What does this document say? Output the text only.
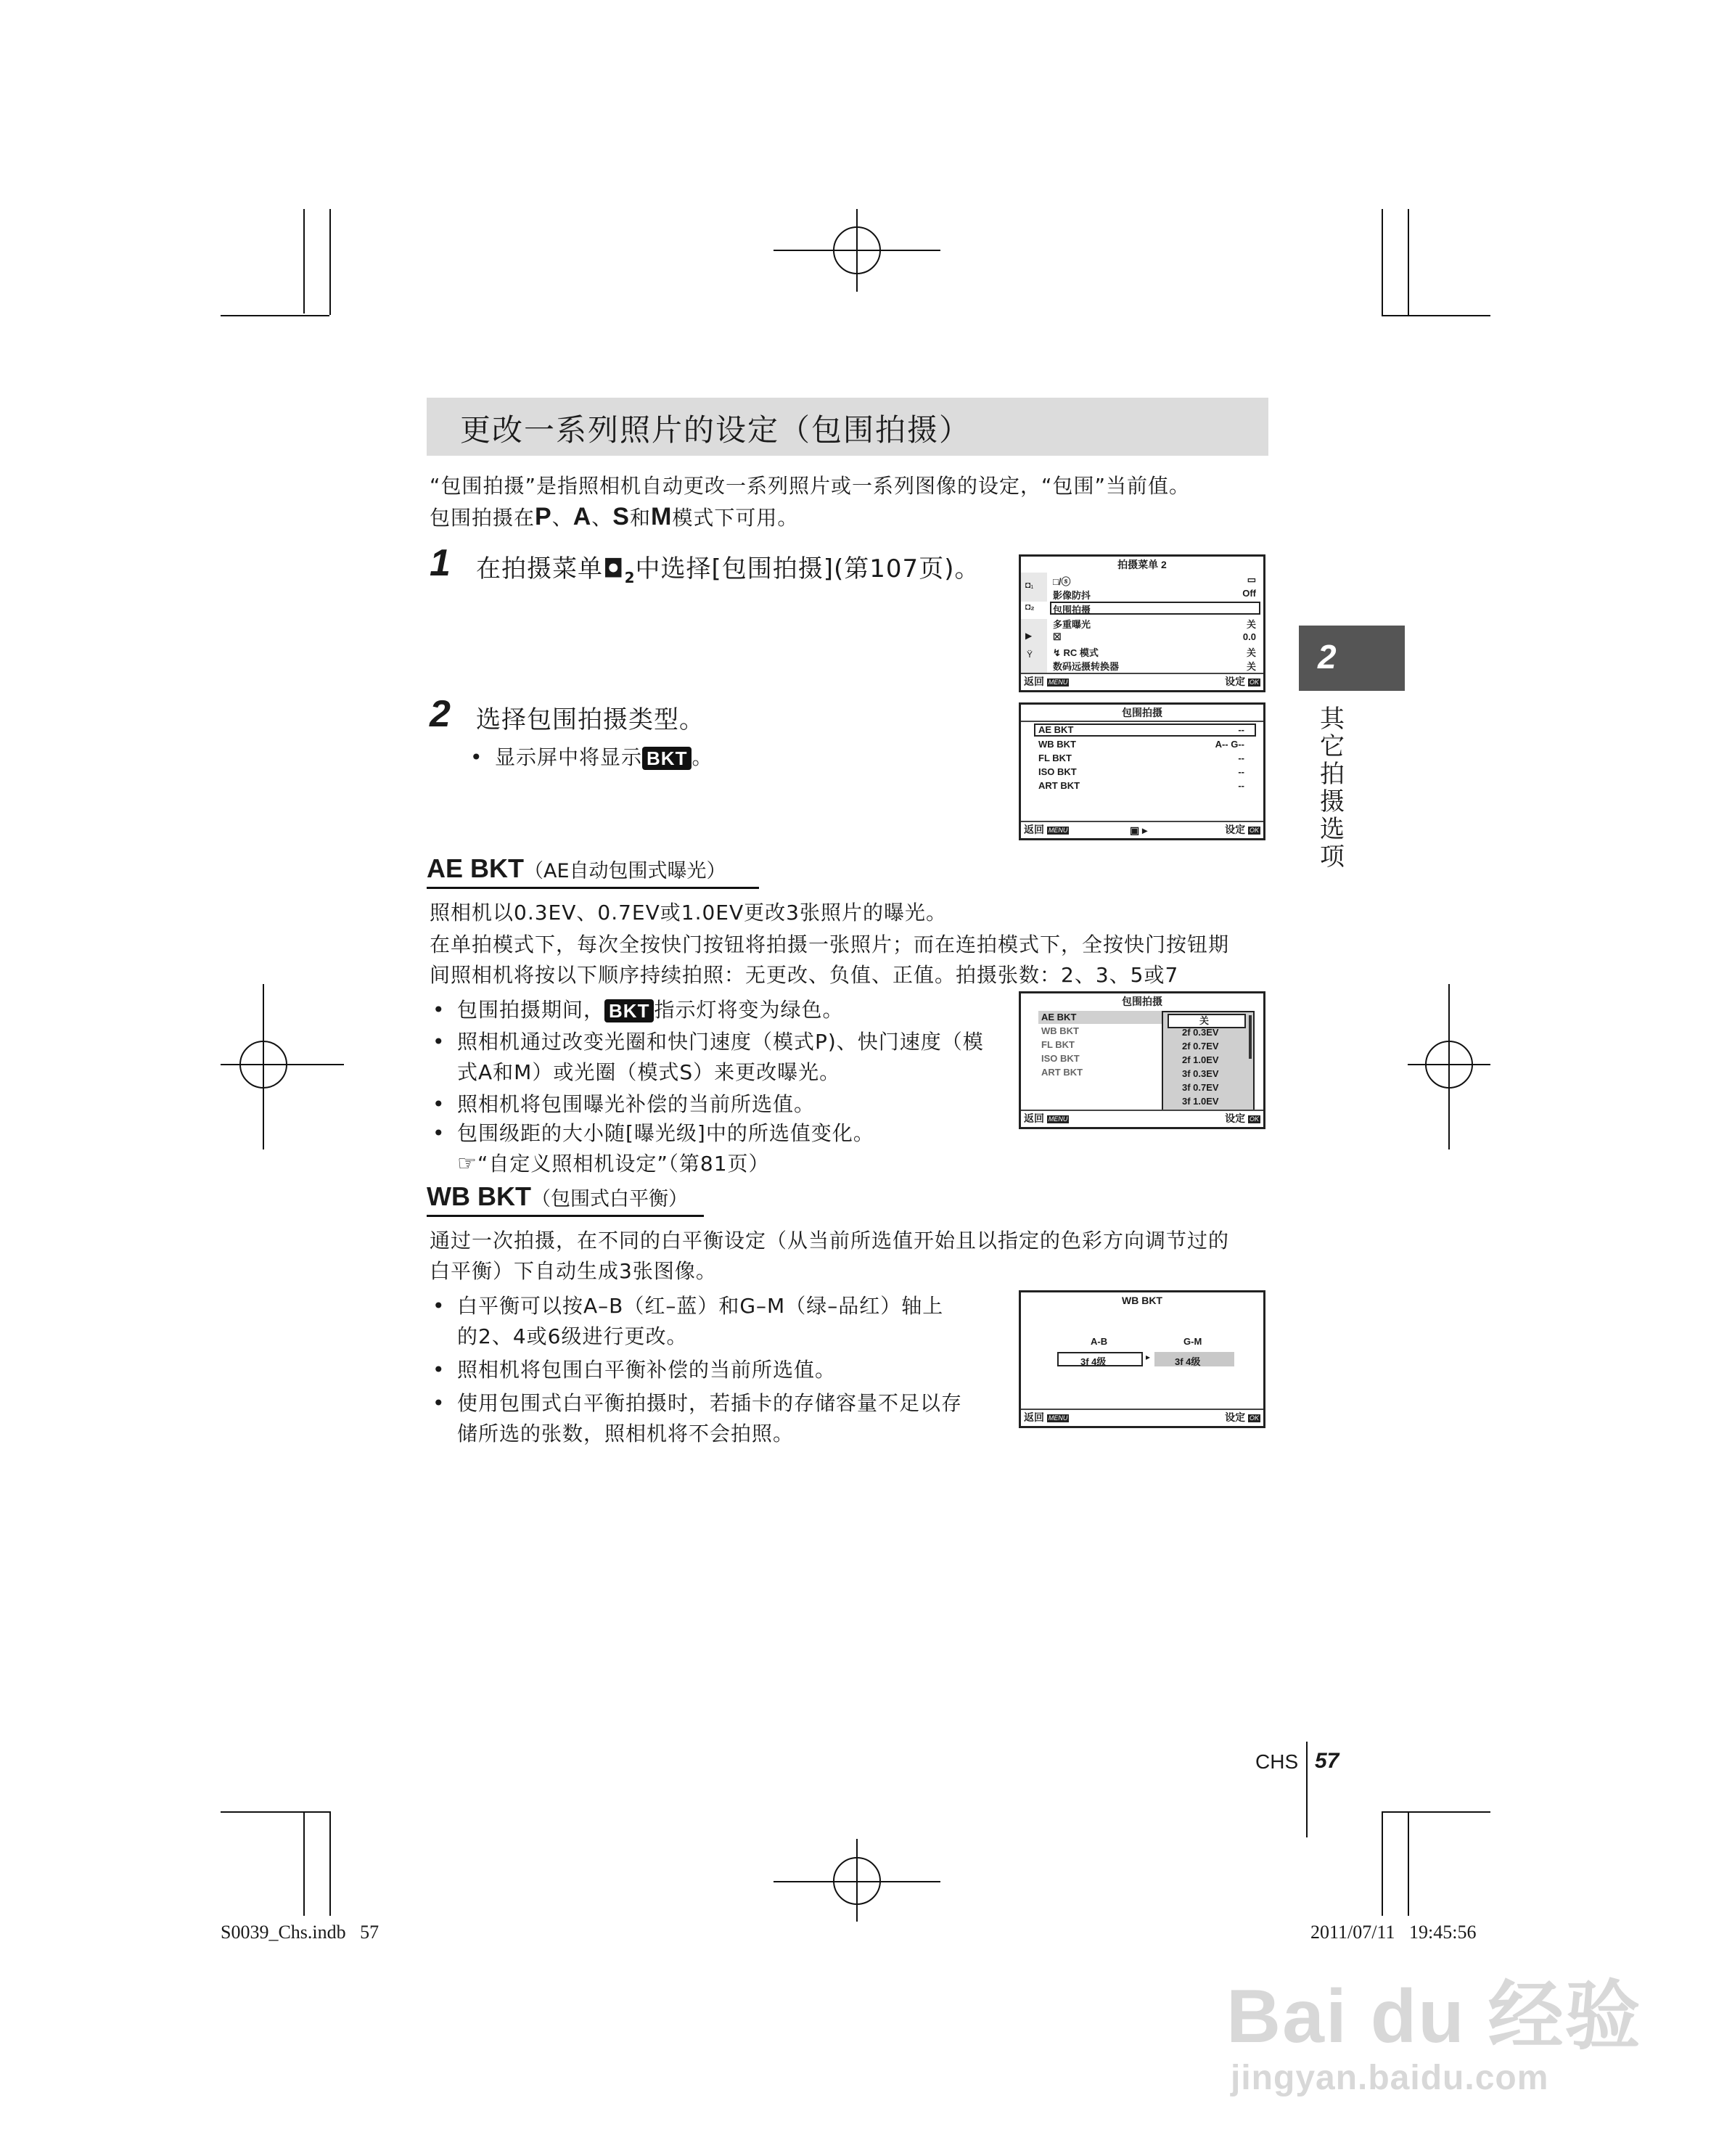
更改一系列照片的设定（包围拍摄）
“包围拍摄”是指照相机自动更改一系列照片或一系列图像的设定，“包围”当前值。
包围拍摄在P、A、S和M模式下可用。
1 在拍摄菜单$◘_2$中选择[包围拍摄](第107页)。	拍摄菜单 2
◘₁
◘₂
▶
Ÿ
□/ⓢ	▭
影像防抖	Off
包围拍摄
多重曝光	关
☒	0.0
↯ RC 模式	关
数码远摄转换器	关
返回 MENU	设定 OK
2 选择包围拍摄类型。
• 显示屏中将显示 BKT 。
包围拍摄
AE BKT	--
WB BKT	A-- G--
FL BKT	--
ISO BKT	--
ART BKT	--
返回 MENU	▣ ▸	设定 OK
AE BKT（AE自动包围式曝光）
照相机以0.3EV、0.7EV或1.0EV更改3张照片的曝光。
在单拍模式下，每次全按快门按钮将拍摄一张照片；而在连拍模式下，全按快门按钮期
间照相机将按以下顺序持续拍照：无更改、负值、正值。拍摄张数：2、3、5或7
• 包围拍摄期间， BKT 指示灯将变为绿色。
• 照相机通过改变光圈和快门速度（模式P)、快门速度（模
式A和M）或光圈（模式S）来更改曝光。
• 照相机将包围曝光补偿的当前所选值。
• 包围级距的大小随[曝光级]中的所选值变化。
☞“自定义照相机设定”（第81页）
包围拍摄
AE BKT
WB BKT
FL BKT
ISO BKT
ART BKT
关
2f 0.3EV
2f 0.7EV
2f 1.0EV
3f 0.3EV
3f 0.7EV
3f 1.0EV
返回 MENU	设定 OK
WB BKT（包围式白平衡）
通过一次拍摄，在不同的白平衡设定（从当前所选值开始且以指定的色彩方向调节过的
白平衡）下自动生成3张图像。
• 白平衡可以按A–B（红–蓝）和G–M（绿–品红）轴上
的2、4或6级进行更改。
• 照相机将包围白平衡补偿的当前所选值。
• 使用包围式白平衡拍摄时，若插卡的存储容量不足以存
储所选的张数，照相机将不会拍照。
WB BKT
A-B	G-M
3f 4级	▸	3f 4级
返回 MENU	设定 OK
2
其它拍摄选项
CHS 57
S0039_Chs.indb   57	2011/07/11   19:45:56
Bai du 经验
jingyan.baidu.com
